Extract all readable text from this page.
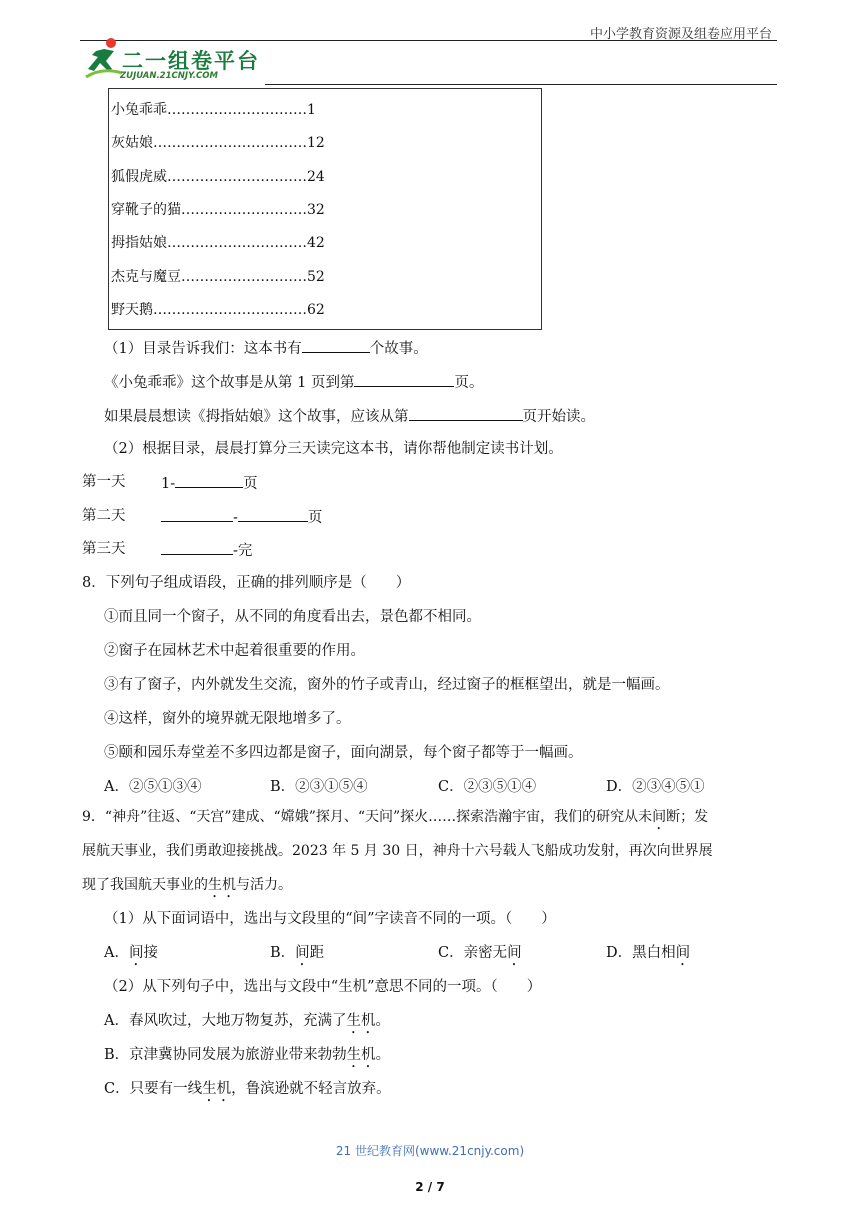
中小学教育资源及组卷应用平台
二一组卷平台
ZUJUAN.21CNJY.COM
小兔乖乖…………………………1
灰姑娘……………………………12
狐假虎威…………………………24
穿靴子的猫………………………32
拇指姑娘…………………………42
杰克与魔豆………………………52
野天鹅……………………………62
（1）目录告诉我们：这本书有	个故事。
《小兔乖乖》这个故事是从第 1 页到第	页。
如果晨晨想读《拇指姑娘》这个故事，应该从第	页开始读。
（2）根据目录，晨晨打算分三天读完这本书，请你帮他制定读书计划。
第一天 1-	页
第二天	-	页
第三天	-完
8．下列句子组成语段，正确的排列顺序是（　　）
①而且同一个窗子，从不同的角度看出去，景色都不相同。
②窗子在园林艺术中起着很重要的作用。
③有了窗子，内外就发生交流，窗外的竹子或青山，经过窗子的框框望出，就是一幅画。
④这样，窗外的境界就无限地增多了。
⑤颐和园乐寿堂差不多四边都是窗子，面向湖景，每个窗子都等于一幅画。
A．②⑤①③④	B．②③①⑤④	C．②③⑤①④	D．②③④⑤①
9．“神舟”往返、“天宫”建成、“嫦娥”探月、“天问”探火……探索浩瀚宇宙，我们的研究从未间断；发
展航天事业，我们勇敢迎接挑战。2023 年 5 月 30 日，神舟十六号载人飞船成功发射，再次向世界展
现了我国航天事业的生机与活力。
（1）从下面词语中，选出与文段里的“间”字读音不同的一项。（　　）
A．间接	B．间距	C．亲密无间	D．黑白相间
（2）从下列句子中，选出与文段中“生机”意思不同的一项。（　　）
A．春风吹过，大地万物复苏，充满了生机。
B．京津冀协同发展为旅游业带来勃勃生机。
C．只要有一线生机，鲁滨逊就不轻言放弃。
21 世纪教育网(www.21cnjy.com)
2 / 7
